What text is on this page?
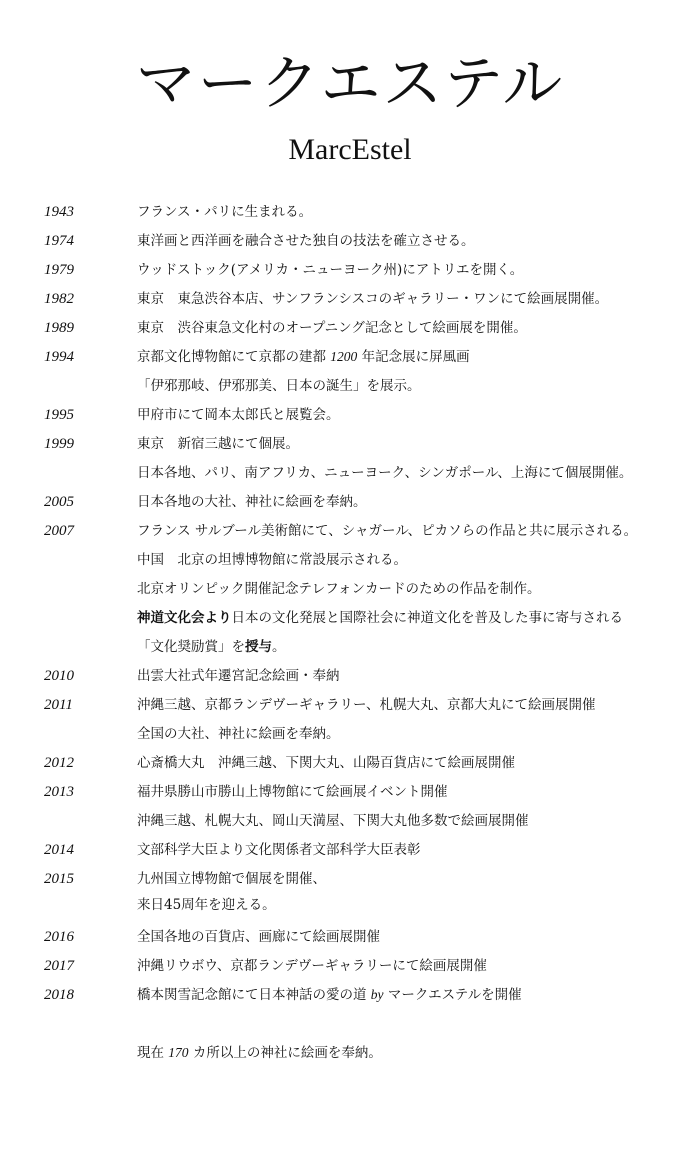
マークエステル
MarcEstel
1943	フランス・パリに生まれる。
1974	東洋画と西洋画を融合させた独自の技法を確立させる。
1979	ウッドストック(アメリカ・ニューヨーク州)にアトリエを開く。
1982	東京　東急渋谷本店、サンフランシスコのギャラリー・ワンにて絵画展開催。
1989	東京　渋谷東急文化村のオープニング記念として絵画展を開催。
1994	京都文化博物館にて京都の建都 1200 年記念展に屏風画
「伊邪那岐、伊邪那美、日本の誕生」を展示。
1995	甲府市にて岡本太郎氏と展覧会。
1999	東京　新宿三越にて個展。
日本各地、パリ、南アフリカ、ニューヨーク、シンガポール、上海にて個展開催。
2005	日本各地の大社、神社に絵画を奉納。
2007	フランス サルブール美術館にて、シャガール、ピカソらの作品と共に展示される。
中国　北京の坦博博物館に常設展示される。
北京オリンピック開催記念テレフォンカードのための作品を制作。
神道文化会より日本の文化発展と国際社会に神道文化を普及した事に寄与される
「文化奨励賞」を授与。
2010	出雲大社式年遷宮記念絵画・奉納
2011	沖縄三越、京都ランデヴーギャラリー、札幌大丸、京都大丸にて絵画展開催
全国の大社、神社に絵画を奉納。
2012	心斎橋大丸　沖縄三越、下関大丸、山陽百貨店にて絵画展開催
2013	福井県勝山市勝山上博物館にて絵画展イベント開催
沖縄三越、札幌大丸、岡山天満屋、下関大丸他多数で絵画展開催
2014	文部科学大臣より文化関係者文部科学大臣表彰
2015	九州国立博物館で個展を開催、
来日45周年を迎える。
2016	全国各地の百貨店、画廊にて絵画展開催
2017	沖縄リウボウ、京都ランデヴーギャラリーにて絵画展開催
2018	橋本関雪記念館にて日本神話の愛の道 by マークエステルを開催
現在 170 カ所以上の神社に絵画を奉納。
